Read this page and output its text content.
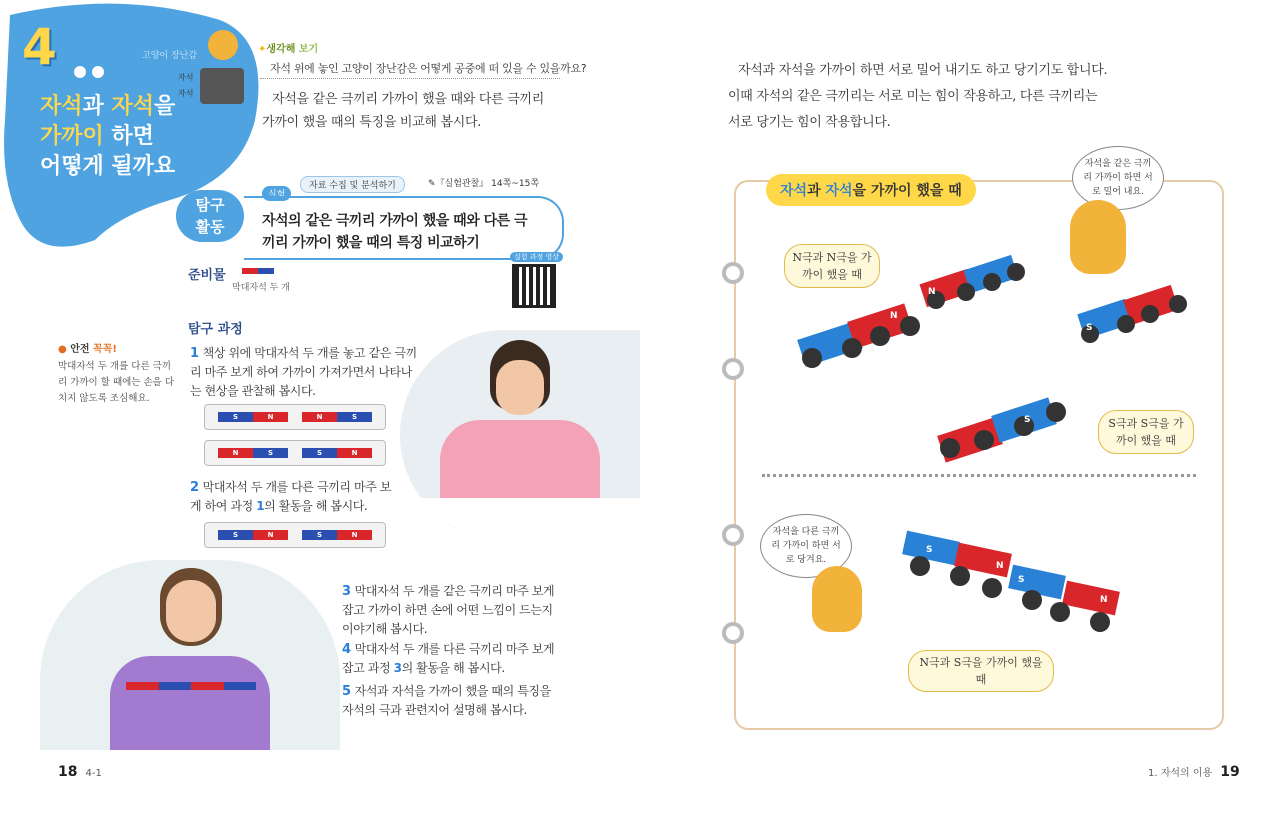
4
자석과 자석을
가까이 하면
어떻게 될까요
고양이 장난감
자석
자석
✦생각해 보기
자석 위에 놓인 고양이 장난감은 어떻게 공중에 떠 있을 수 있을까요?
자석을 같은 극끼리 가까이 했을 때와 다른 극끼리 가까이 했을 때의 특징을 비교해 봅시다.
탐구
활동
실험
자료 수집 및 분석하기	✎『실험관찰』 14쪽~15쪽
자석의 같은 극끼리 가까이 했을 때와 다른 극끼리 가까이 했을 때의 특징 비교하기
실험 과정 영상
준비물
막대자석 두 개
탐구 과정
● 안전 꼭꼭!
막대자석 두 개를 다른 극끼리 가까이 할 때에는 손을 다치지 않도록 조심해요.
1 책상 위에 막대자석 두 개를 놓고 같은 극끼리 마주 보게 하여 가까이 가져가면서 나타나는 현상을 관찰해 봅시다.
S	N	N	S
N	S	S	N
2 막대자석 두 개를 다른 극끼리 마주 보게 하여 과정 1의 활동을 해 봅시다.
S	N	S	N
3 막대자석 두 개를 같은 극끼리 마주 보게 잡고 가까이 하면 손에 어떤 느낌이 드는지 이야기해 봅시다.
4 막대자석 두 개를 다른 극끼리 마주 보게 잡고 과정 3의 활동을 해 봅시다.
5 자석과 자석을 가까이 했을 때의 특징을 자석의 극과 관련지어 설명해 봅시다.
18 4-1
자석과 자석을 가까이 하면 서로 밀어 내기도 하고 당기기도 합니다. 이때 자석의 같은 극끼리는 서로 미는 힘이 작용하고, 다른 극끼리는 서로 당기는 힘이 작용합니다.
자석과 자석을 가까이 했을 때
자석을 같은 극끼리 가까이 하면 서로 밀어 내요.
N극과 N극을 가까이 했을 때
N
N
S
S	S극과 S극을 가까이 했을 때
자석을 다른 극끼리 가까이 하면 서로 당겨요.
S
N
S
N
N극과 S극을 가까이 했을 때
1. 자석의 이용 19
